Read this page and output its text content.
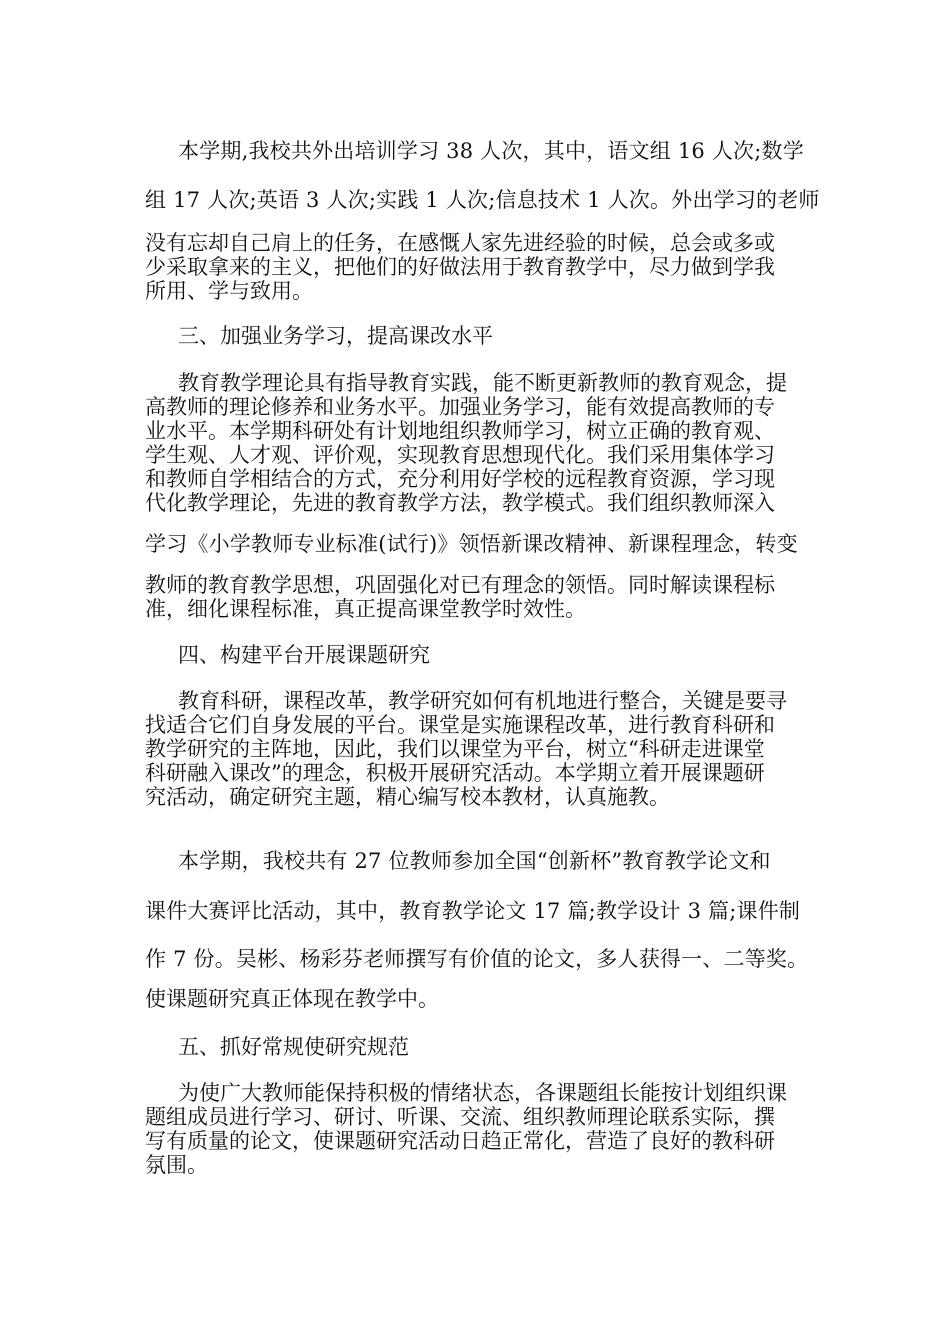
本学期,我校共外出培训学习 38 人次，其中，语文组 16 人次;数学
组 17 人次;英语 3 人次;实践 1 人次;信息技术 1 人次。外出学习的老师
没有忘却自己肩上的任务，在感慨人家先进经验的时候，总会或多或
少采取拿来的主义，把他们的好做法用于教育教学中，尽力做到学我
所用、学与致用。
三、加强业务学习，提高课改水平
教育教学理论具有指导教育实践，能不断更新教师的教育观念，提
高教师的理论修养和业务水平。加强业务学习，能有效提高教师的专
业水平。本学期科研处有计划地组织教师学习，树立正确的教育观、
学生观、人才观、评价观，实现教育思想现代化。我们采用集体学习
和教师自学相结合的方式，充分利用好学校的远程教育资源，学习现
代化教学理论，先进的教育教学方法，教学模式。我们组织教师深入
学习《小学教师专业标准(试行)》领悟新课改精神、新课程理念，转变
教师的教育教学思想，巩固强化对已有理念的领悟。同时解读课程标
准，细化课程标准，真正提高课堂教学时效性。
四、构建平台开展课题研究
教育科研，课程改革，教学研究如何有机地进行整合，关键是要寻
找适合它们自身发展的平台。课堂是实施课程改革，进行教育科研和
教学研究的主阵地，因此，我们以课堂为平台，树立“科研走进课堂
科研融入课改”的理念，积极开展研究活动。本学期立着开展课题研
究活动，确定研究主题，精心编写校本教材，认真施教。
本学期，我校共有 27 位教师参加全国“创新杯”教育教学论文和
课件大赛评比活动，其中，教育教学论文 17 篇;教学设计 3 篇;课件制
作 7 份。吴彬、杨彩芬老师撰写有价值的论文，多人获得一、二等奖。
使课题研究真正体现在教学中。
五、抓好常规使研究规范
为使广大教师能保持积极的情绪状态，各课题组长能按计划组织课
题组成员进行学习、研讨、听课、交流、组织教师理论联系实际，撰
写有质量的论文，使课题研究活动日趋正常化，营造了良好的教科研
氛围。
